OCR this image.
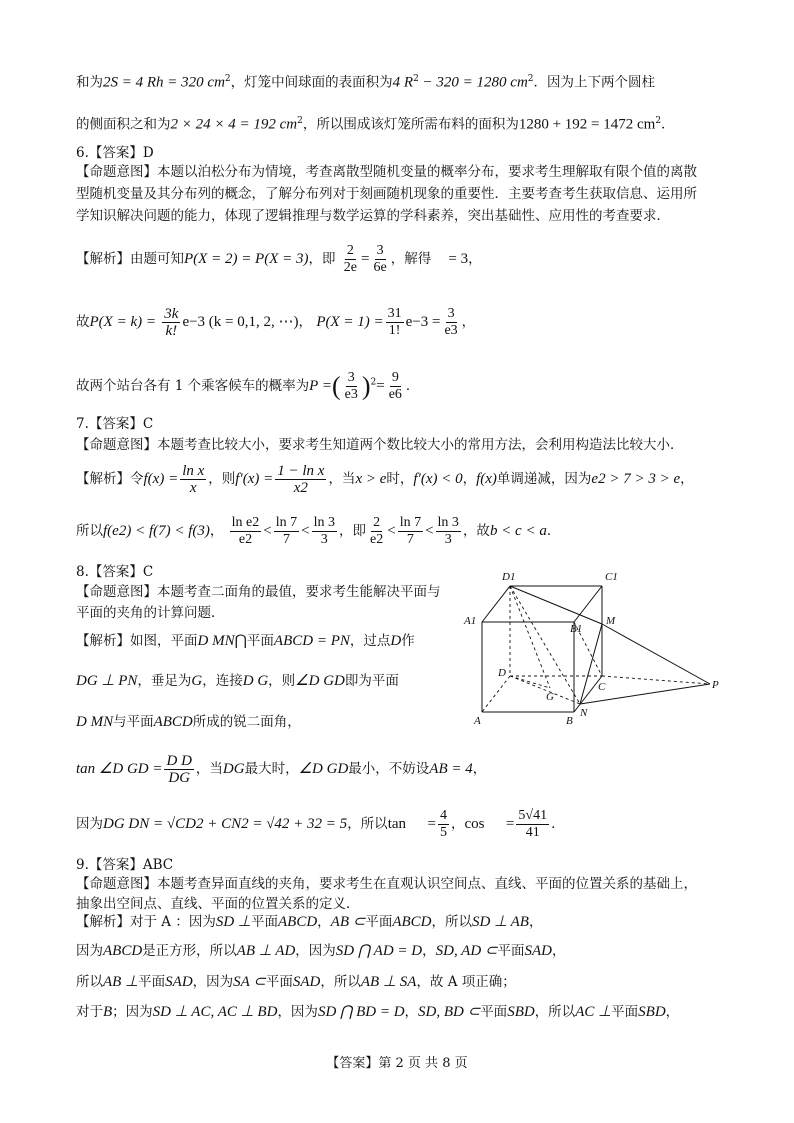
和为2S = 4 Rh = 320 $cm^2$，灯笼中间球面的表面积为4 $R^2 - 320 = 1280$ $cm^2$．因为上下两个圆柱
的侧面积之和为2 × 24 × 4 = 192 $cm^2$，所以围成该灯笼所需布料的面积为1280 + 192 = 1472 $cm^2$．
6.【答案】D
【命题意图】本题以泊松分布为情境，考查离散型随机变量的概率分布，要求考生理解取有限个值的离散
型随机变量及其分布列的概念，了解分布列对于刻画随机现象的重要性．主要考查考生获取信息、运用所
学知识解决问题的能力，体现了逻辑推理与数学运算的学科素养，突出基础性、应用性的考查要求．
【解析】由题可知P(X = 2) = P(X = 3)，即 $\frac{2}{2e} = \frac{3}{6e}$ ，解得 = 3，
故$P(X = k) = \frac{3k}{k!} e-3$ (k = 0,1, 2, ⋯)， $P(X = 1) = \frac{31}{1!} e-3 = \frac{3}{e3}$ ，
故两个站台各有 1 个乘客候车的概率为P =( $\frac{3}{e3} )^2= \frac{9}{e6}$ ．
7.【答案】C
【命题意图】本题考查比较大小，要求考生知道两个数比较大小的常用方法，会利用构造法比较大小．
【解析】令$f(x) = \frac{\text{ln x}}{x}$ ，则$f'(x) = \frac{\text{1 − ln x}}{x2}$ ，当x > e时，f′(x) < 0，f(x)单调递减，因为e2 > 7 > 3 > e，
所以f(e2) < f(7) < f(3)， $\frac{\text{ln e2}}{e2} < \frac{\ln 7}{7} < \frac{\ln 3}{3}$ ，即 $\frac{2}{e2} < \frac{\ln 7}{7} < \frac{\ln 3}{3}$ ，故b < c < a．
8.【答案】C
【命题意图】本题考查二面角的最值，要求考生能解决平面与
平面的夹角的计算问题．
【解析】如图，平面D MN⋂平面ABCD = PN，过点D作
DG ⊥ PN，垂足为G，连接D G，则∠D GD即为平面
D MN与平面ABCD所成的锐二面角，
tan ∠D GD = $\frac{\text{D D}}{DG}$ ，当DG最大时，∠D GD最小，不妨设AB = 4，
因为DG DN = √CD2 + CN2 = √42 + 32 = 5，所以$\tan = \frac{4}{5}$ ，$\cos = \frac{5√41}{41}$ ．
9.【答案】ABC
【命题意图】本题考查异面直线的夹角，要求考生在直观认识空间点、直线、平面的位置关系的基础上，
抽象出空间点、直线、平面的位置关系的定义．
【解析】对于 A ：因为SD ⊥平面ABCD，AB ⊂平面ABCD，所以SD ⊥ AB，
因为ABCD是正方形，所以AB ⊥ AD，因为SD ⋂ AD = D，SD, AD ⊂平面SAD，
所以AB ⊥平面SAD，因为SA ⊂平面SAD，所以AB ⊥ SA，故 A 项正确；
对于B；因为SD ⊥ AC, AC ⊥ BD，因为SD ⋂ BD = D，SD, BD ⊂平面SBD，所以AC ⊥平面SBD，
D1	C1
A1
B1
M
D
C	P
G
N
A	B
【答案】第 2 页 共 8 页
